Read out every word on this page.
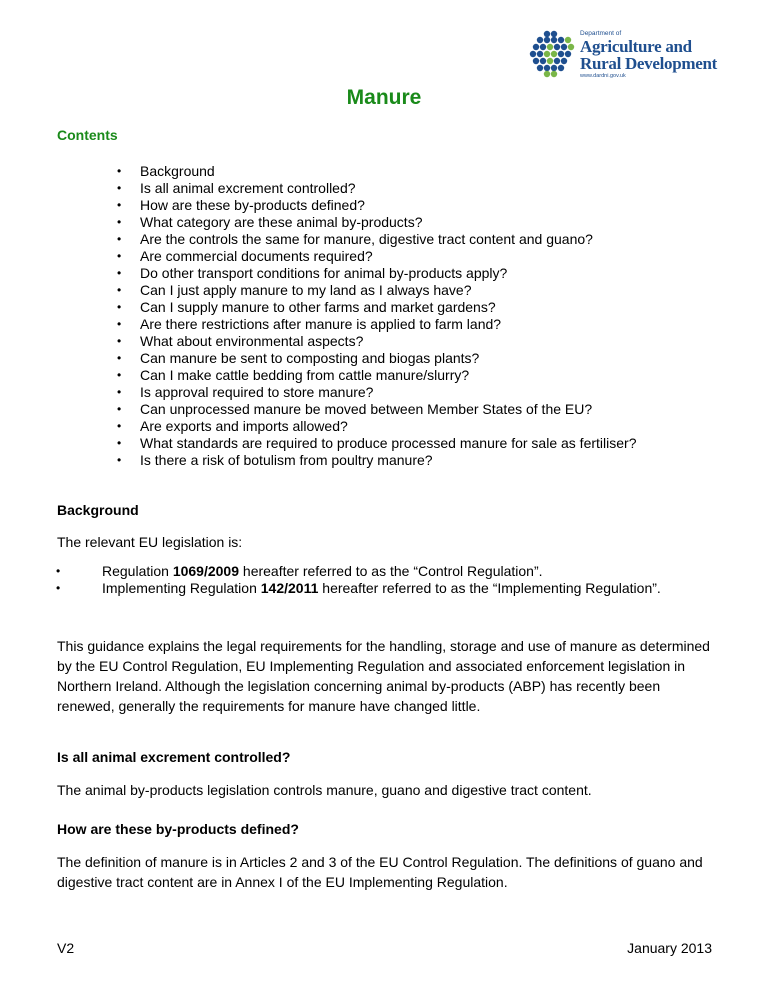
Department of
Agriculture and
Rural Development
www.dardni.gov.uk
Manure
Contents
• Background
• Is all animal excrement controlled?
• How are these by-products defined?
• What category are these animal by-products?
• Are the controls the same for manure, digestive tract content and guano?
• Are commercial documents required?
• Do other transport conditions for animal by-products apply?
• Can I just apply manure to my land as I always have?
• Can I supply manure to other farms and market gardens?
• Are there restrictions after manure is applied to farm land?
• What about environmental aspects?
• Can manure be sent to composting and biogas plants?
• Can I make cattle bedding from cattle manure/slurry?
• Is approval required to store manure?
• Can unprocessed manure be moved between Member States of the EU?
• Are exports and imports allowed?
• What standards are required to produce processed manure for sale as fertiliser?
• Is there a risk of botulism from poultry manure?
Background
The relevant EU legislation is:
• Regulation 1069/2009 hereafter referred to as the “Control Regulation”.
• Implementing Regulation 142/2011 hereafter referred to as the “Implementing Regulation”.
This guidance explains the legal requirements for the handling, storage and use of manure as determined by the EU Control Regulation, EU Implementing Regulation and associated enforcement legislation in Northern Ireland. Although the legislation concerning animal by-products (ABP) has recently been renewed, generally the requirements for manure have changed little.
Is all animal excrement controlled?
The animal by-products legislation controls manure, guano and digestive tract content.
How are these by-products defined?
The definition of manure is in Articles 2 and 3 of the EU Control Regulation. The definitions of guano and digestive tract content are in Annex I of the EU Implementing Regulation.
V2	January 2013
